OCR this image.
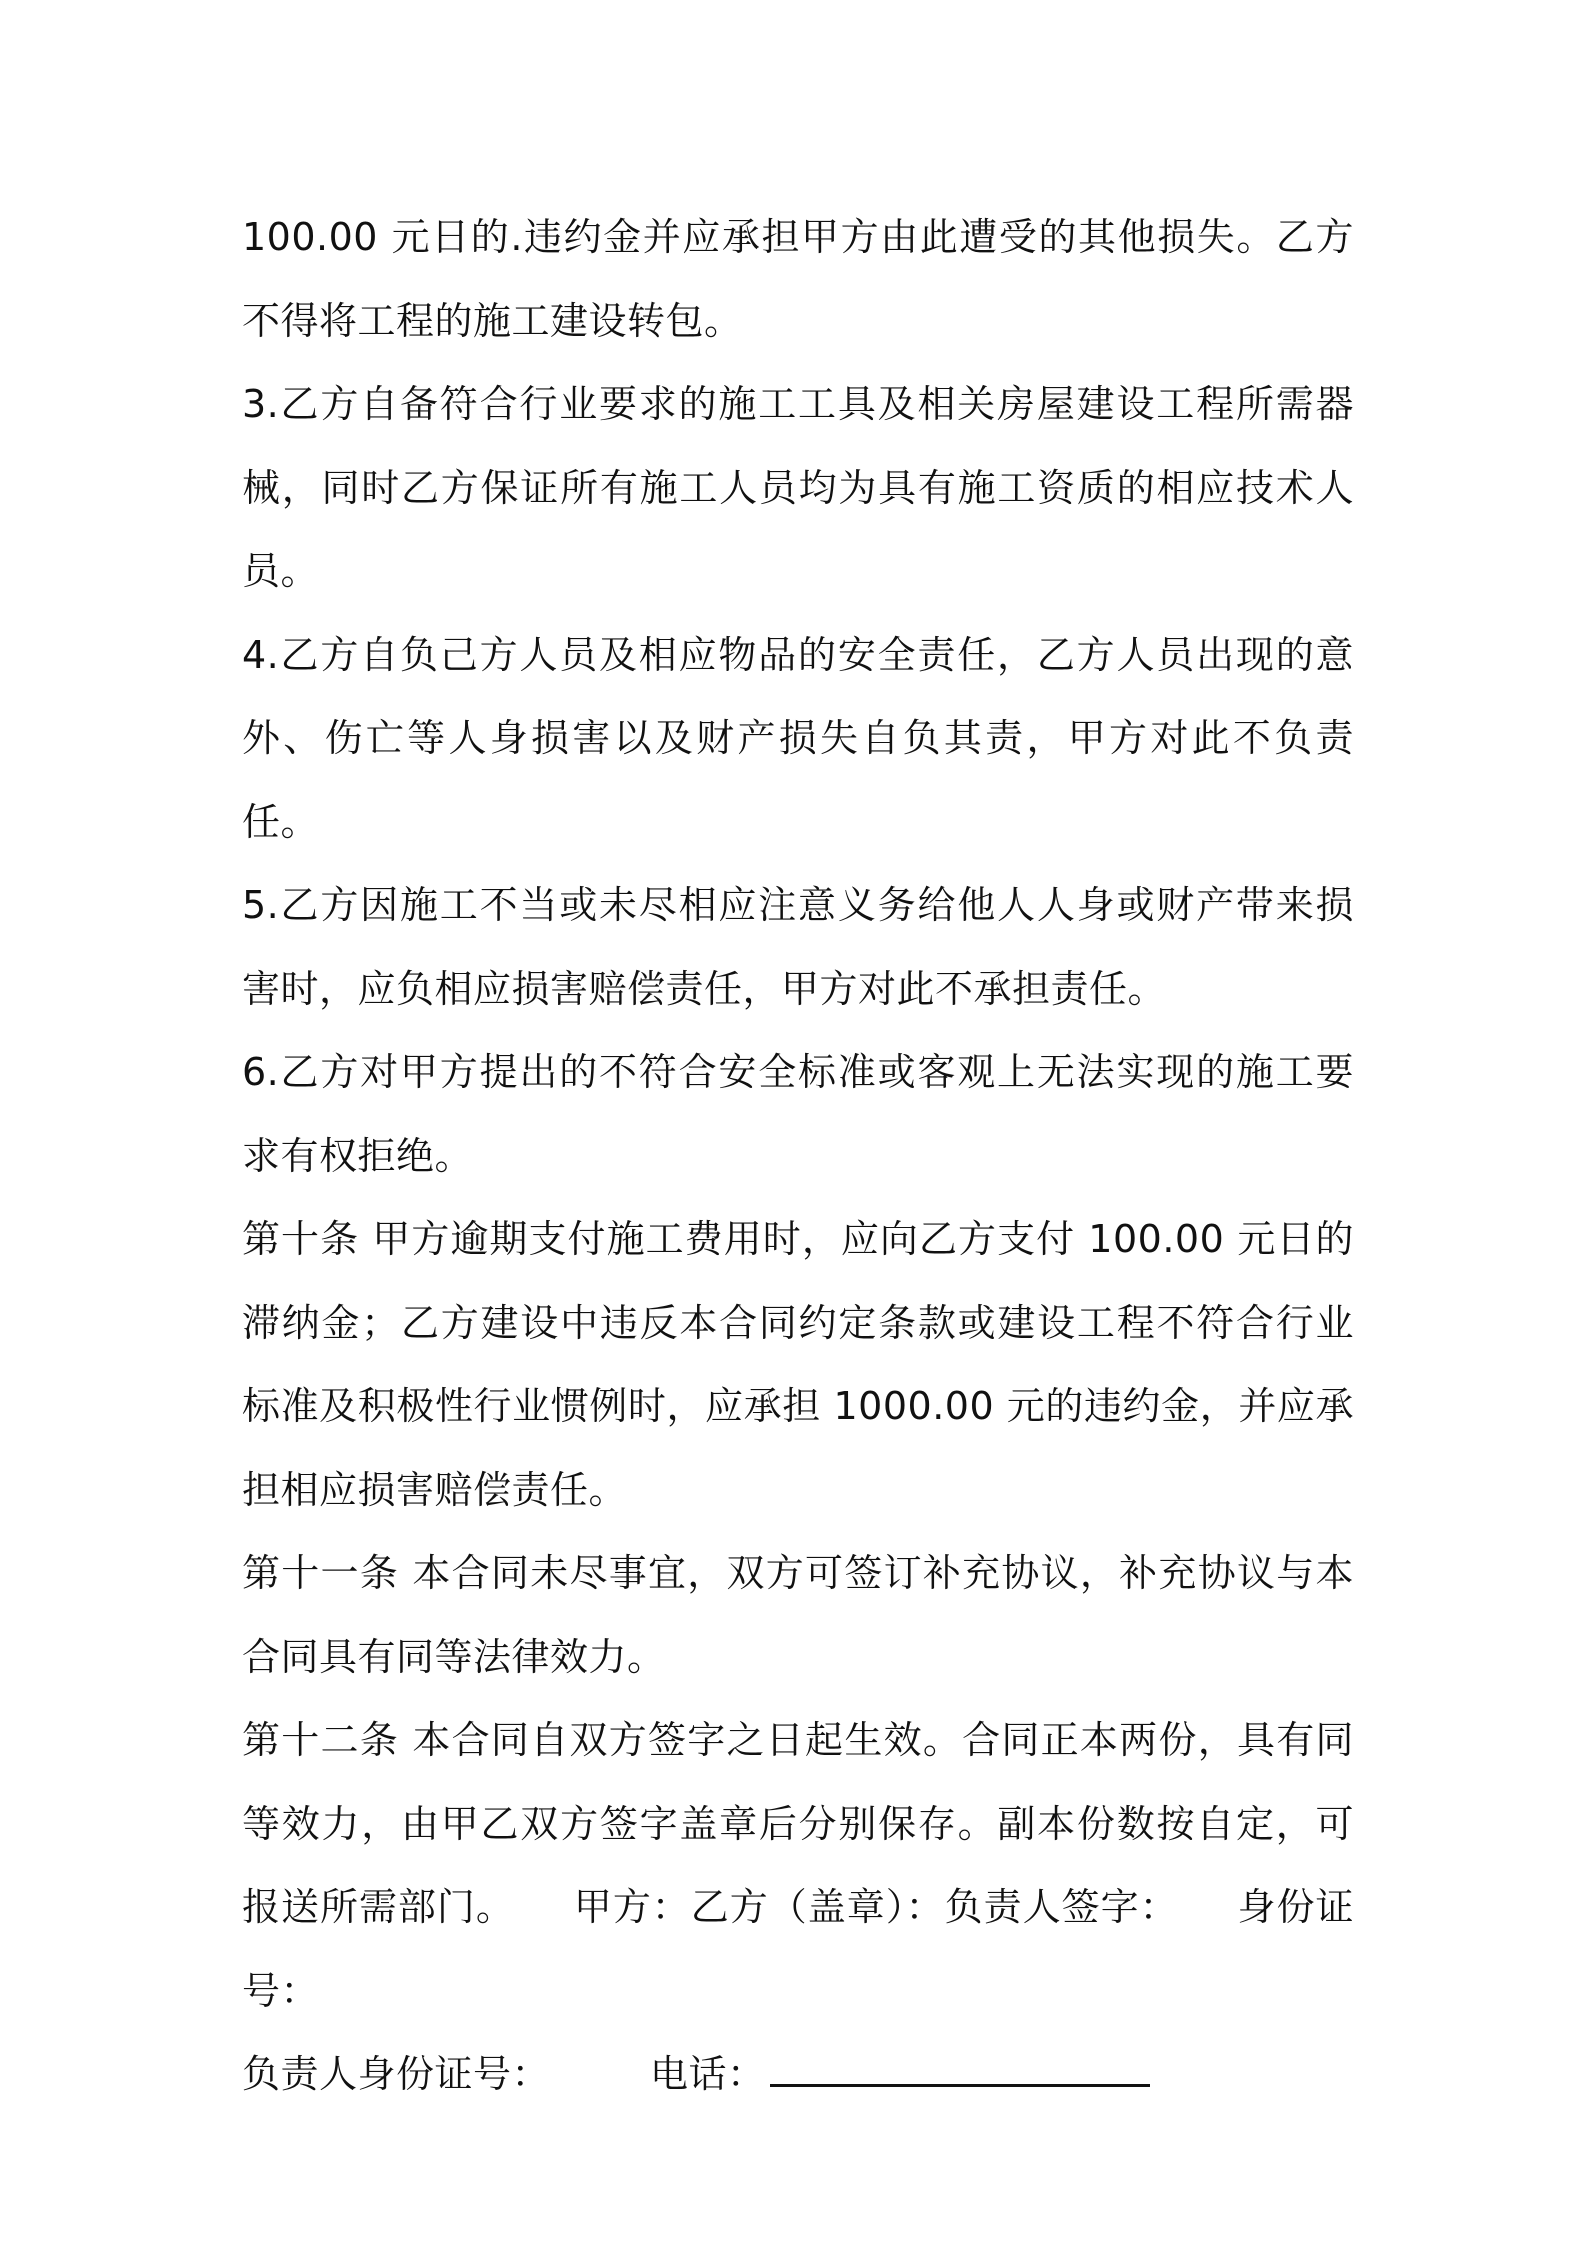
100.00 元日的.违约金并应承担甲方由此遭受的其他损失。乙方不得将工程的施工建设转包。

3.乙方自备符合行业要求的施工工具及相关房屋建设工程所需器械，同时乙方保证所有施工人员均为具有施工资质的相应技术人员。

4.乙方自负己方人员及相应物品的安全责任，乙方人员出现的意外、伤亡等人身损害以及财产损失自负其责，甲方对此不负责任。

5.乙方因施工不当或未尽相应注意义务给他人人身或财产带来损害时，应负相应损害赔偿责任，甲方对此不承担责任。

6.乙方对甲方提出的不符合安全标准或客观上无法实现的施工要求有权拒绝。

第十条 甲方逾期支付施工费用时，应向乙方支付 100.00 元日的滞纳金；乙方建设中违反本合同约定条款或建设工程不符合行业标准及积极性行业惯例时，应承担 1000.00 元的违约金，并应承担相应损害赔偿责任。

第十一条 本合同未尽事宜，双方可签订补充协议，补充协议与本合同具有同等法律效力。

第十二条 本合同自双方签字之日起生效。合同正本两份，具有同等效力，由甲乙双方签字盖章后分别保存。副本份数按自定，可报送所需部门。　　甲方：乙方（盖章）：负责人签字：　　身份证号：

负责人身份证号：	电话：
